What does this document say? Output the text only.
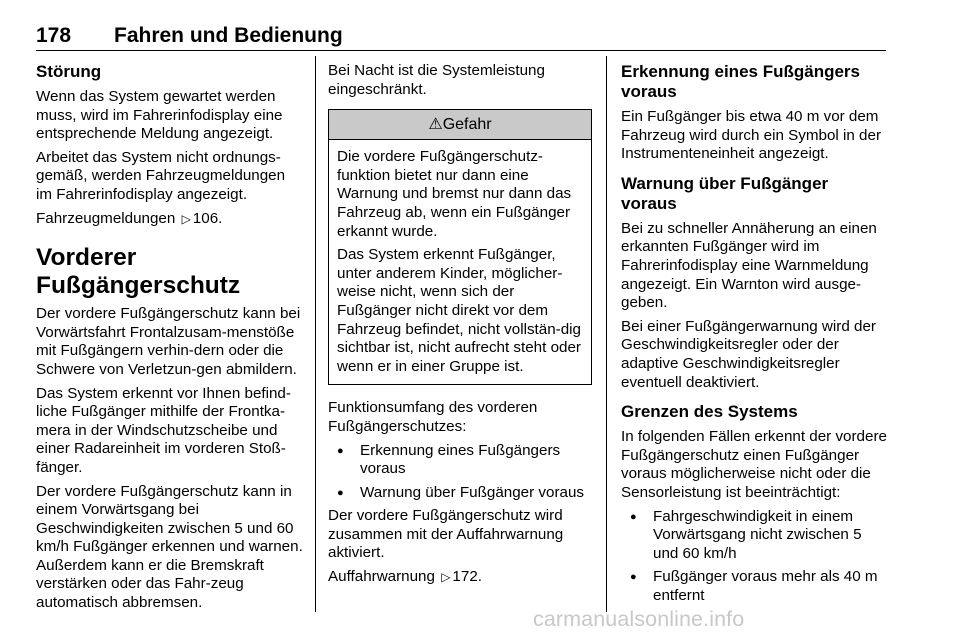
178 Fahren und Bedienung
Störung

Wenn das System gewartet werden muss, wird im Fahrerinfodisplay eine entsprechende Meldung angezeigt.

Arbeitet das System nicht ordnungs-gemäß, werden Fahrzeugmeldungen im Fahrerinfodisplay angezeigt.

Fahrzeugmeldungen ▷ 106.

Vorderer Fußgängerschutz

Der vordere Fußgängerschutz kann bei Vorwärtsfahrt Frontalzusam-menstöße mit Fußgängern verhin-dern oder die Schwere von Verletzun-gen abmildern.

Das System erkennt vor Ihnen befind-liche Fußgänger mithilfe der Frontka-mera in der Windschutzscheibe und einer Radareinheit im vorderen Stoß-fänger.

Der vordere Fußgängerschutz kann in einem Vorwärtsgang bei Geschwindigkeiten zwischen 5 und 60 km/h Fußgänger erkennen und warnen. Außerdem kann er die Bremskraft verstärken oder das Fahr-zeug automatisch abbremsen.

Bei Nacht ist die Systemleistung eingeschränkt.

⚠Gefahr

Die vordere Fußgängerschutz-funktion bietet nur dann eine Warnung und bremst nur dann das Fahrzeug ab, wenn ein Fußgänger erkannt wurde.

Das System erkennt Fußgänger, unter anderem Kinder, möglicher-weise nicht, wenn sich der Fußgänger nicht direkt vor dem Fahrzeug befindet, nicht vollstän-dig sichtbar ist, nicht aufrecht steht oder wenn er in einer Gruppe ist.

Funktionsumfang des vorderen Fußgängerschutzes:

● Erkennung eines Fußgängers voraus
● Warnung über Fußgänger voraus

Der vordere Fußgängerschutz wird zusammen mit der Auffahrwarnung aktiviert.

Auffahrwarnung ▷ 172.

Erkennung eines Fußgängers voraus

Ein Fußgänger bis etwa 40 m vor dem Fahrzeug wird durch ein Symbol in der Instrumenteneinheit angezeigt.

Warnung über Fußgänger voraus

Bei zu schneller Annäherung an einen erkannten Fußgänger wird im Fahrerinfodisplay eine Warnmeldung angezeigt. Ein Warnton wird ausge-geben.

Bei einer Fußgängerwarnung wird der Geschwindigkeitsregler oder der adaptive Geschwindigkeitsregler eventuell deaktiviert.

Grenzen des Systems

In folgenden Fällen erkennt der vordere Fußgängerschutz einen Fußgänger voraus möglicherweise nicht oder die Sensorleistung ist beeinträchtigt:

● Fahrgeschwindigkeit in einem Vorwärtsgang nicht zwischen 5 und 60 km/h
● Fußgänger voraus mehr als 40 m entfernt
carmanualsonline.info
